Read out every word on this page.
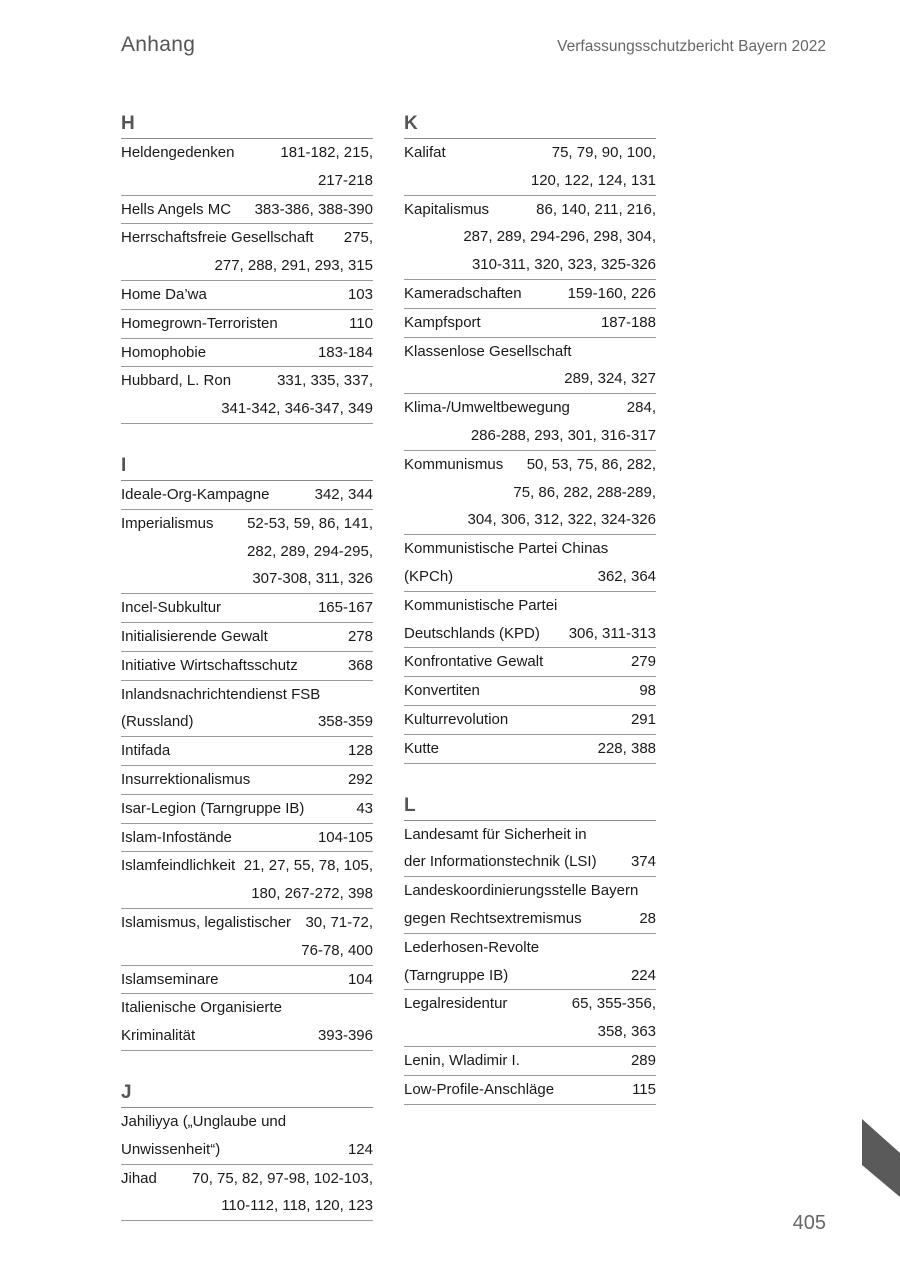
Anhang	Verfassungsschutzbericht Bayern 2022
H
Heldengedenken	181-182, 215,
217-218
Hells Angels MC	383-386, 388-390
Herrschaftsfreie Gesellschaft	275,
277, 288, 291, 293, 315
Home Da’wa	103
Homegrown-Terroristen	110
Homophobie	183-184
Hubbard, L. Ron	331, 335, 337,
341-342, 346-347, 349
I
Ideale-Org-Kampagne	342, 344
Imperialismus	52-53, 59, 86, 141,
282, 289, 294-295,
307-308, 311, 326
Incel-Subkultur	165-167
Initialisierende Gewalt	278
Initiative Wirtschaftsschutz	368
Inlandsnachrichtendienst FSB
(Russland)	358-359
Intifada	128
Insurrektionalismus	292
Isar-Legion (Tarngruppe IB)	43
Islam-Infostände	104-105
Islamfeindlichkeit 21, 27, 55, 78, 105,
180, 267-272, 398
Islamismus, legalistischer 30, 71-72,
76-78, 400
Islamseminare	104
Italienische Organisierte
Kriminalität	393-396
J
Jahiliyya („Unglaube und
Unwissenheit“)	124
Jihad	70, 75, 82, 97-98, 102-103,
110-112, 118, 120, 123
K
Kalifat	75, 79, 90, 100,
120, 122, 124, 131
Kapitalismus	86, 140, 211, 216,
287, 289, 294-296, 298, 304,
310-311, 320, 323, 325-326
Kameradschaften	159-160, 226
Kampfsport	187-188
Klassenlose Gesellschaft
289, 324, 327
Klima-/Umweltbewegung	284,
286-288, 293, 301, 316-317
Kommunismus	50, 53, 75, 86, 282,
75, 86, 282, 288-289,
304, 306, 312, 322, 324-326
Kommunistische Partei Chinas
(KPCh)	362, 364
Kommunistische Partei
Deutschlands (KPD)	306, 311-313
Konfrontative Gewalt	279
Konvertiten	98
Kulturrevolution	291
Kutte	228, 388
L
Landesamt für Sicherheit in
der Informationstechnik (LSI)	374
Landeskoordinierungsstelle Bayern
gegen Rechtsextremismus	28
Lederhosen-Revolte
(Tarngruppe IB)	224
Legalresidentur	65, 355-356,
358, 363
Lenin, Wladimir I.	289
Low-Profile-Anschläge	115
405
